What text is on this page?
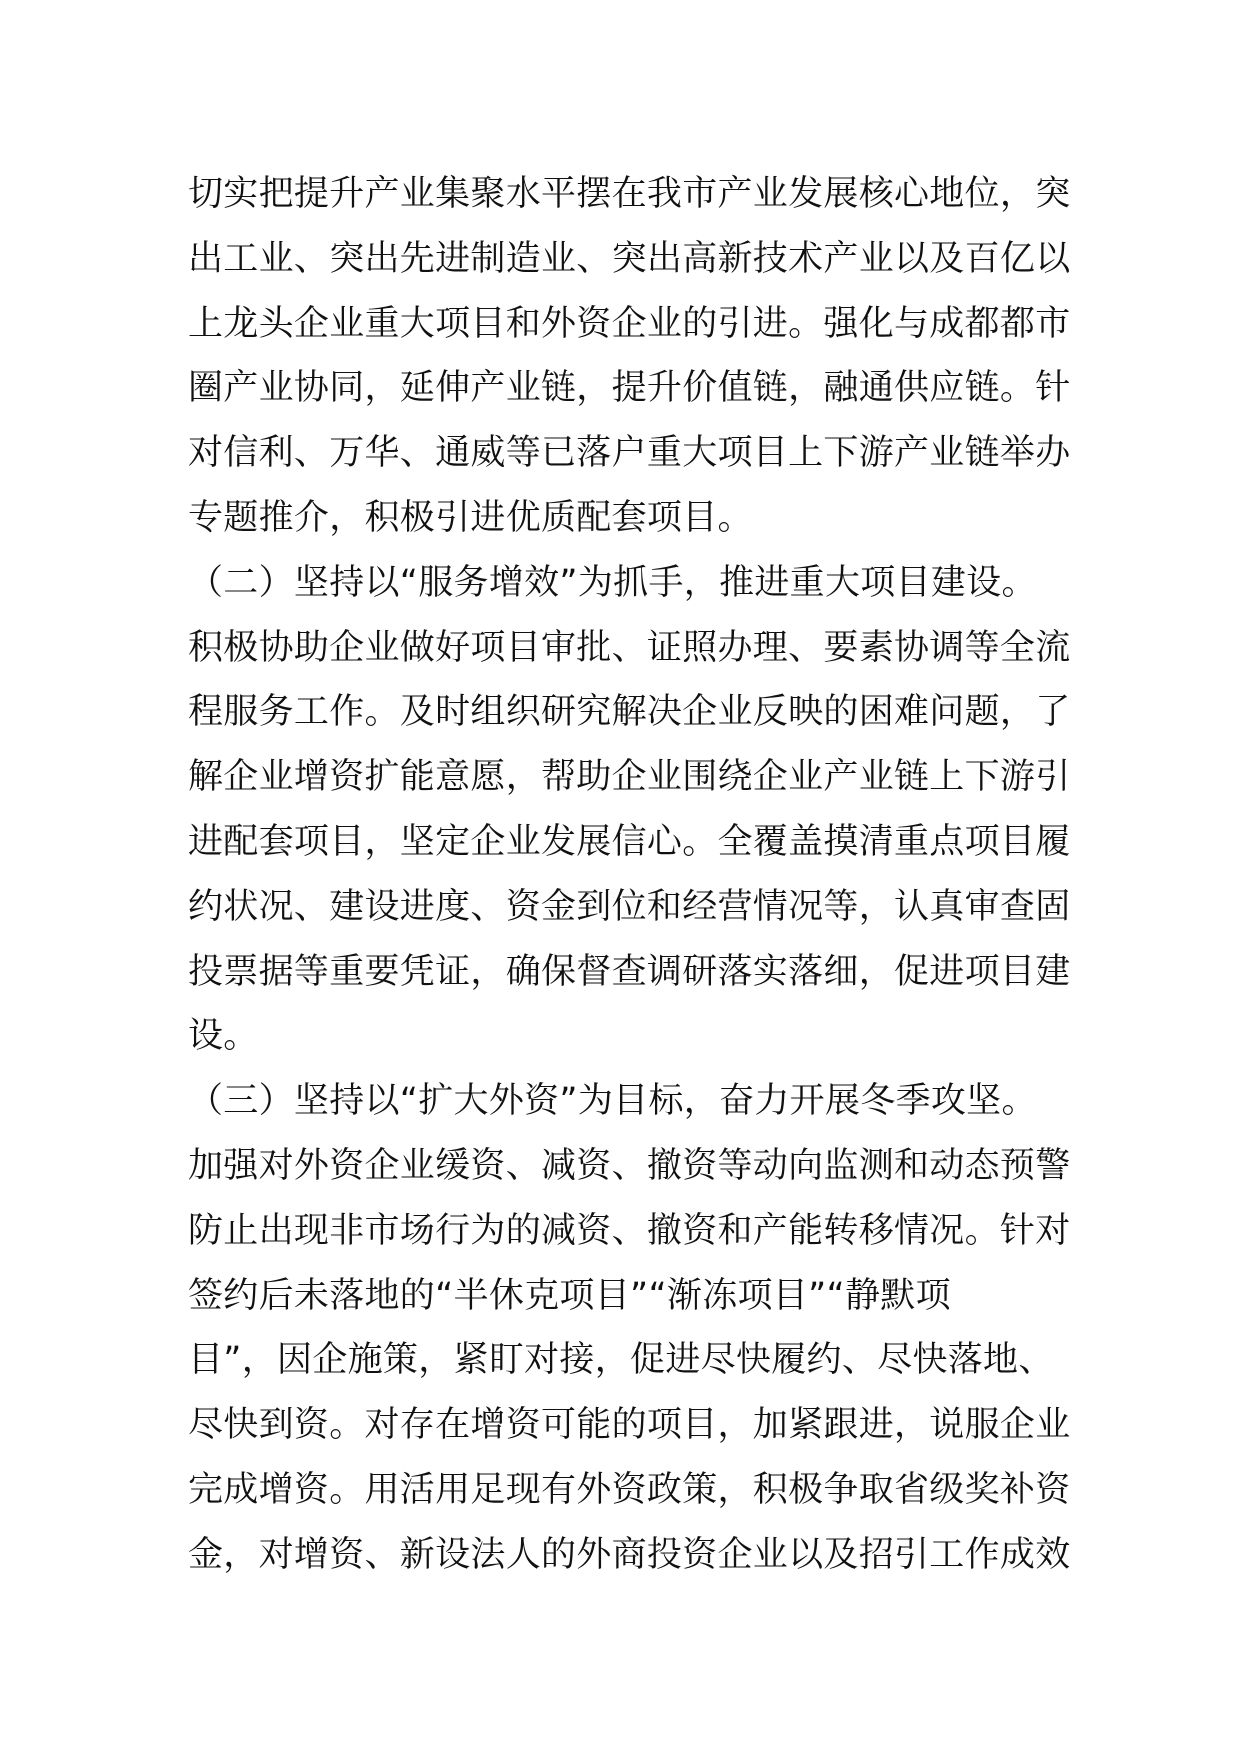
切实把提升产业集聚水平摆在我市产业发展核心地位，突
出工业、突出先进制造业、突出高新技术产业以及百亿以
上龙头企业重大项目和外资企业的引进。强化与成都都市
圈产业协同，延伸产业链，提升价值链，融通供应链。针
对信利、万华、通威等已落户重大项目上下游产业链举办
专题推介，积极引进优质配套项目。
（二）坚持以“服务增效”为抓手，推进重大项目建设。
积极协助企业做好项目审批、证照办理、要素协调等全流
程服务工作。及时组织研究解决企业反映的困难问题，了
解企业增资扩能意愿，帮助企业围绕企业产业链上下游引
进配套项目，坚定企业发展信心。全覆盖摸清重点项目履
约状况、建设进度、资金到位和经营情况等，认真审查固
投票据等重要凭证，确保督查调研落实落细，促进项目建
设。
（三）坚持以“扩大外资”为目标，奋力开展冬季攻坚。
加强对外资企业缓资、减资、撤资等动向监测和动态预警
防止出现非市场行为的减资、撤资和产能转移情况。针对
签约后未落地的“半休克项目”“渐冻项目”“静默项
目”，因企施策，紧盯对接，促进尽快履约、尽快落地、
尽快到资。对存在增资可能的项目，加紧跟进，说服企业
完成增资。用活用足现有外资政策，积极争取省级奖补资
金，对增资、新设法人的外商投资企业以及招引工作成效
